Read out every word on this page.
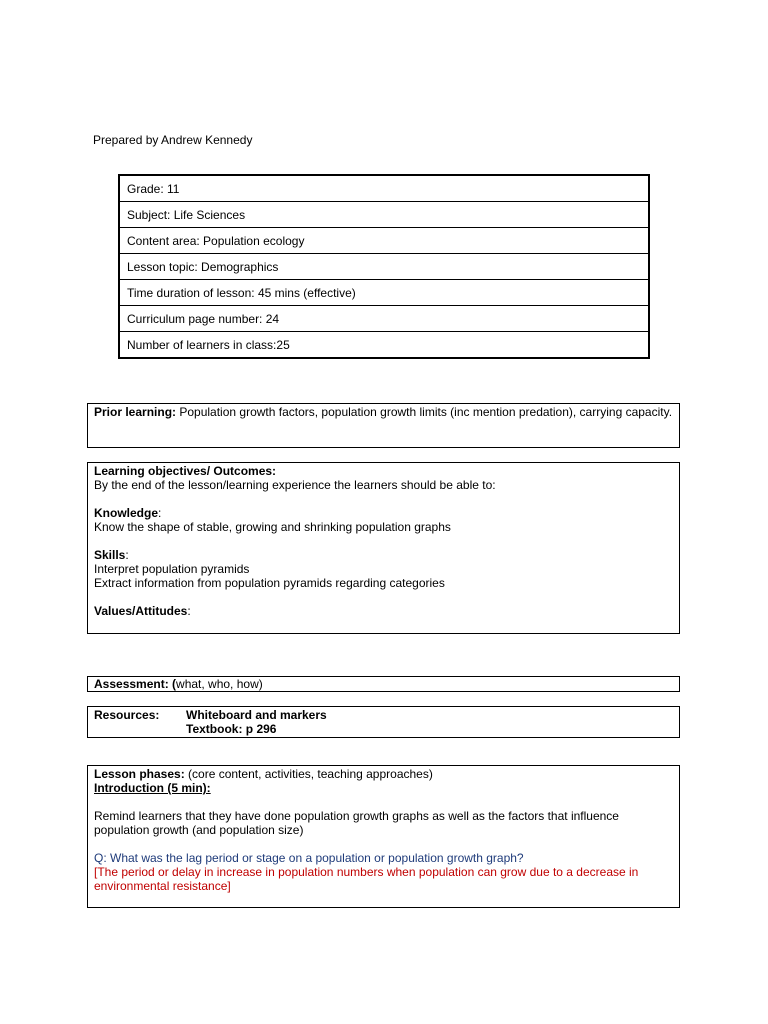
Prepared by Andrew Kennedy
Grade: 11
Subject: Life Sciences
Content area: Population ecology
Lesson topic: Demographics
Time duration of lesson: 45 mins (effective)
Curriculum page number: 24
Number of learners in class:25
Prior learning: Population growth factors, population growth limits (inc mention predation), carrying capacity.
Learning objectives/ Outcomes:
By the end of the lesson/learning experience the learners should be able to:
Knowledge:
Know the shape of stable, growing and shrinking population graphs
Skills:
Interpret population pyramids
Extract information from population pyramids regarding categories
Values/Attitudes:
Assessment: (what, who, how)
Resources:	Whiteboard and markers
Textbook: p 296
Lesson phases: (core content, activities, teaching approaches)
Introduction (5 min):
Remind learners that they have done population growth graphs as well as the factors that influence population growth (and population size)
Q: What was the lag period or stage on a population or population growth graph?
[The period or delay in increase in population numbers when population can grow due to a decrease in environmental resistance]
